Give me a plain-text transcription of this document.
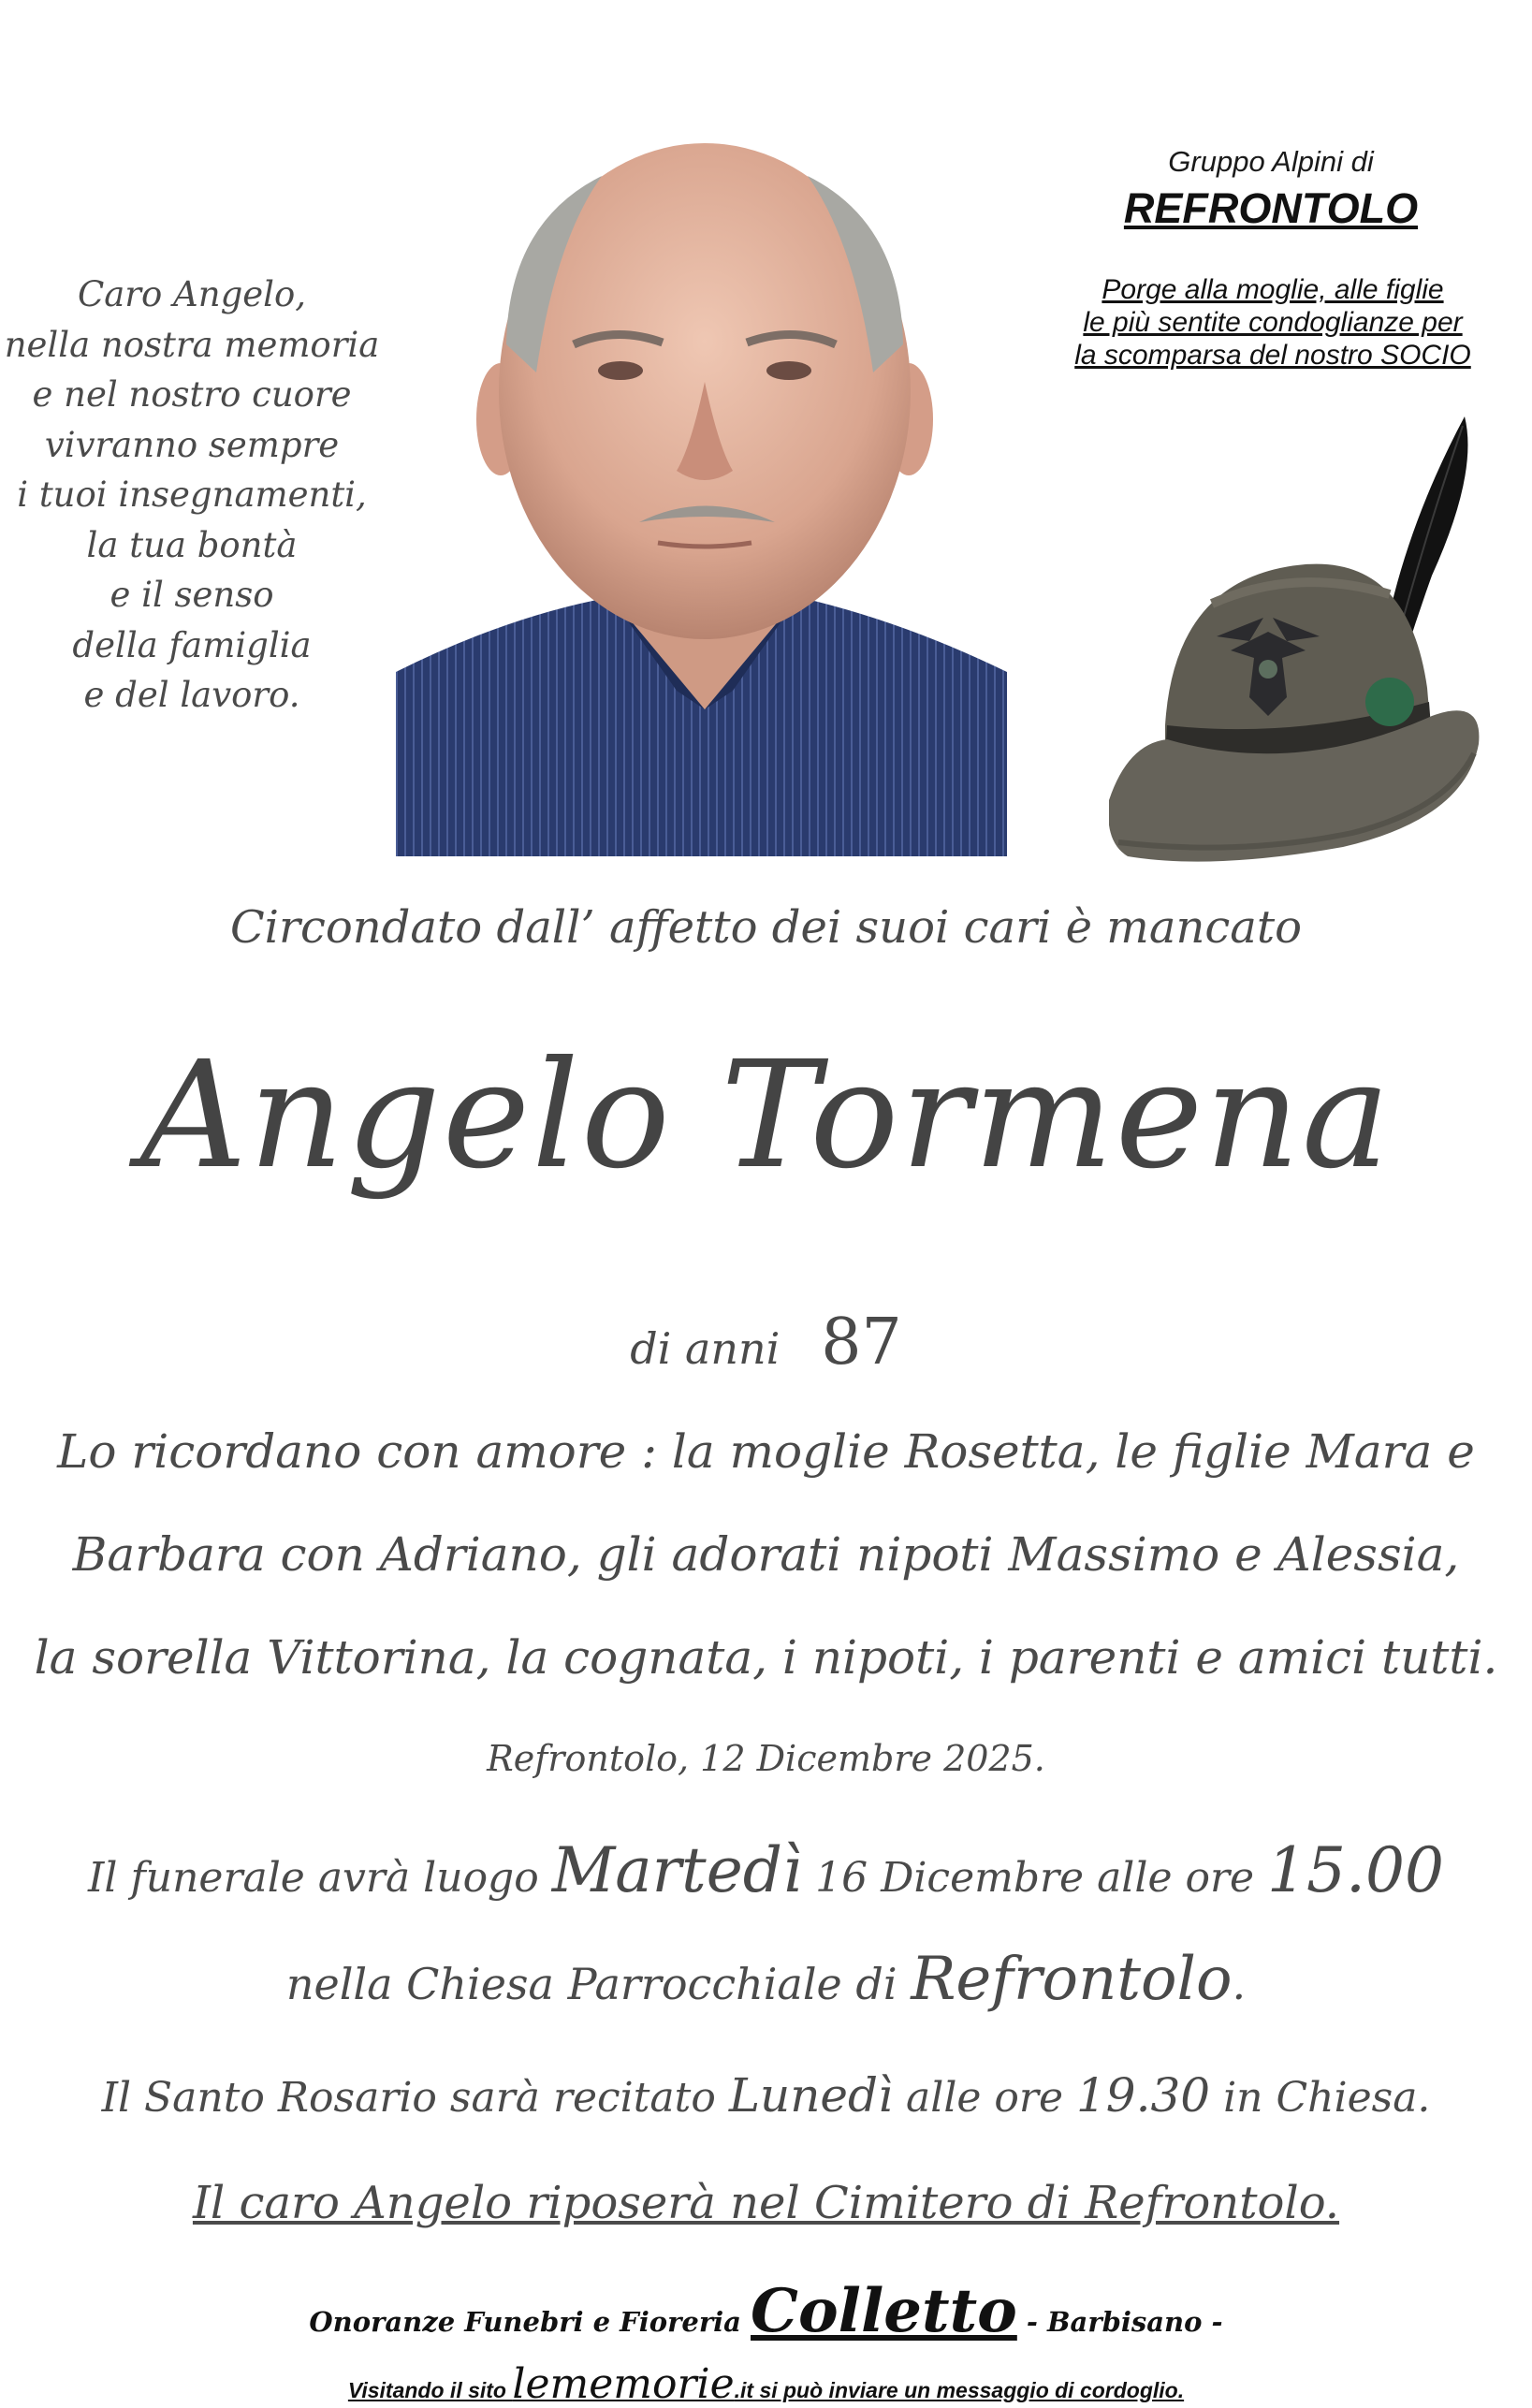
Caro Angelo,
nella nostra memoria
e nel nostro cuore
vivranno sempre
i tuoi insegnamenti,
la tua bontà
e il senso
della famiglia
e del lavoro.
Gruppo Alpini di
REFRONTOLO
Porge alla moglie, alle figlie
le più sentite condoglianze per
la scomparsa del nostro SOCIO
Circondato dall’ affetto dei suoi cari è mancato
Angelo Tormena
di anni 87
Lo ricordano con amore : la moglie Rosetta, le figlie Mara e
Barbara con Adriano, gli adorati nipoti Massimo e Alessia,
la sorella Vittorina, la cognata, i nipoti, i parenti e amici tutti.
Refrontolo, 12 Dicembre 2025.
Il funerale avrà luogo Martedì 16 Dicembre alle ore 15.00
nella Chiesa Parrocchiale di Refrontolo.
Il Santo Rosario sarà recitato Lunedì alle ore 19.30 in Chiesa.
Il caro Angelo riposerà nel Cimitero di Refrontolo.
Onoranze Funebri e Fioreria Colletto - Barbisano -
Visitando il sito lememorie.it si può inviare un messaggio di cordoglio.
